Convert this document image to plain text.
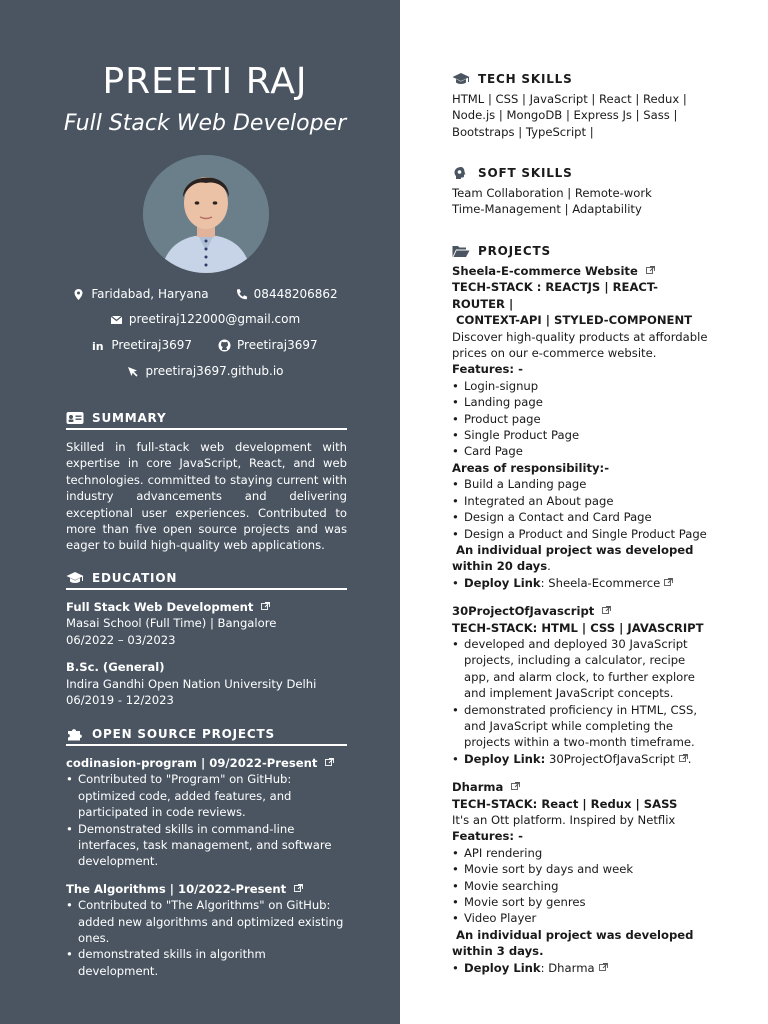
PREETI RAJ
Full Stack Web Developer
Faridabad, Haryana	08448206862
preetiraj122000@gmail.com
in Preetiraj3697	Preetiraj3697
preetiraj3697.github.io
SUMMARY
Skilled in full-stack web development with expertise in core JavaScript, React, and web technologies. committed to staying current with industry advancements and delivering exceptional user experiences. Contributed to more than five open source projects and was eager to build high-quality web applications.
EDUCATION
Full Stack Web Development
Masai School (Full Time) | Bangalore
06/2022 – 03/2023
B.Sc. (General)
Indira Gandhi Open Nation University Delhi
06/2019 - 12/2023
OPEN SOURCE PROJECTS
codinasion-program | 09/2022-Present
• Contributed to "Program" on GitHub: optimized code, added features, and participated in code reviews.
• Demonstrated skills in command-line interfaces, task management, and software development.
The Algorithms | 10/2022-Present
• Contributed to "The Algorithms" on GitHub: added new algorithms and optimized existing ones.
• demonstrated skills in algorithm development.
TECH SKILLS
HTML | CSS | JavaScript | React | Redux | Node.js | MongoDB | Express Js | Sass | Bootstraps | TypeScript |
SOFT SKILLS
Team Collaboration | Remote-work
Time-Management | Adaptability
PROJECTS
Sheela-E-commerce Website
TECH-STACK : REACTJS | REACT-ROUTER |
CONTEXT-API | STYLED-COMPONENT
Discover high-quality products at affordable prices on our e-commerce website.
Features: -
• Login-signup
• Landing page
• Product page
• Single Product Page
• Card Page
Areas of responsibility:-
• Build a Landing page
• Integrated an About page
• Design a Contact and Card Page
• Design a Product and Single Product Page
An individual project was developed within 20 days.
• Deploy Link: Sheela-Ecommerce
30ProjectOfJavascript
TECH-STACK: HTML | CSS | JAVASCRIPT
• developed and deployed 30 JavaScript projects, including a calculator, recipe app, and alarm clock, to further explore and implement JavaScript concepts.
• demonstrated proficiency in HTML, CSS, and JavaScript while completing the projects within a two-month timeframe.
• Deploy Link: 30ProjectOfJavaScript .
Dharma
TECH-STACK: React | Redux | SASS
It's an Ott platform. Inspired by Netflix
Features: -
• API rendering
• Movie sort by days and week
• Movie searching
• Movie sort by genres
• Video Player
An individual project was developed within 3 days.
• Deploy Link: Dharma
